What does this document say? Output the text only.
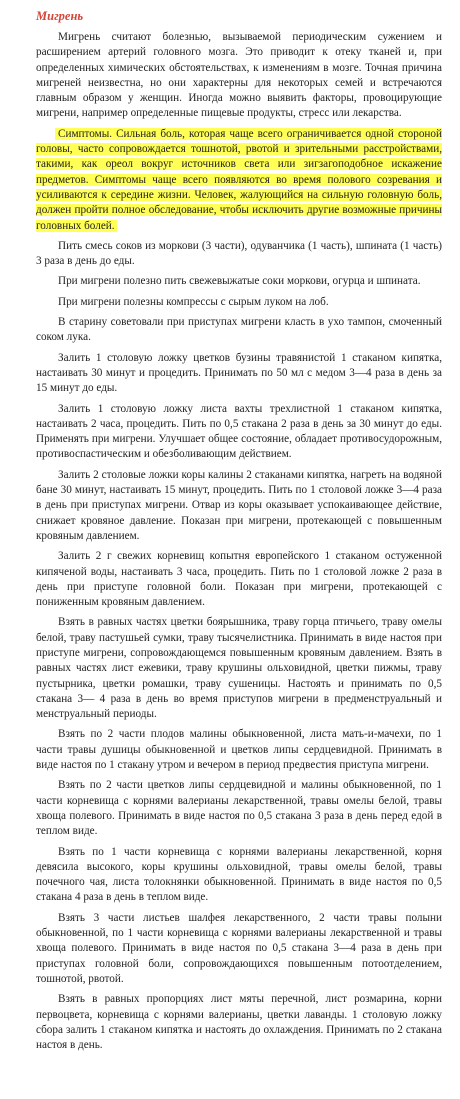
Мигрень

Мигрень считают болезнью, вызываемой периодическим сужением и расширением артерий головного мозга. Это приводит к отеку тканей и, при определенных химических обстоятельствах, к изменениям в мозге. Точная причина мигреней неизвестна, но они характерны для некоторых семей и встречаются главным образом у женщин. Иногда можно выявить факторы, провоцирующие мигрени, например определенные пищевые продукты, стресс или лекарства.

Симптомы. Сильная боль, которая чаще всего ограничивается одной стороной головы, часто сопровождается тошнотой, рвотой и зрительными расстройствами, такими, как ореол вокруг источников света или зигзагоподобное искажение предметов. Симптомы чаще всего появляются во время полового созревания и усиливаются к середине жизни. Человек, жалующийся на сильную головную боль, должен пройти полное обследование, чтобы исключить другие возможные причины головных болей.

Пить смесь соков из моркови (3 части), одуванчика (1 часть), шпината (1 часть) 3 раза в день до еды.

При мигрени полезно пить свежевыжатые соки моркови, огурца и шпината.

При мигрени полезны компрессы с сырым луком на лоб.

В старину советовали при приступах мигрени класть в ухо тампон, смоченный соком лука.

Залить 1 столовую ложку цветков бузины травянистой 1 стаканом кипятка, настаивать 30 минут и процедить. Принимать по 50 мл с медом 3—4 раза в день за 15 минут до еды.

Залить 1 столовую ложку листа вахты трехлистной 1 стаканом кипятка, настаивать 2 часа, процедить. Пить по 0,5 стакана 2 раза в день за 30 минут до еды. Применять при мигрени. Улучшает общее состояние, обладает противосудорожным, противоспастическим и обезболивающим действием.

Залить 2 столовые ложки коры калины 2 стаканами кипятка, нагреть на водяной бане 30 минут, настаивать 15 минут, процедить. Пить по 1 столовой ложке 3—4 раза в день при приступах мигрени. Отвар из коры оказывает успокаивающее действие, снижает кровяное давление. Показан при мигрени, протекающей с повышенным кровяным давлением.

Залить 2 г свежих корневищ копытня европейского 1 стаканом остуженной кипяченой воды, настаивать 3 часа, процедить. Пить по 1 столовой ложке 2 раза в день при приступе головной боли. Показан при мигрени, протекающей с пониженным кровяным давлением.

Взять в равных частях цветки боярышника, траву горца птичьего, траву омелы белой, траву пастушьей сумки, траву тысячелистника. Принимать в виде настоя при приступе мигрени, сопровождающемся повышенным кровяным давлением. Взять в равных частях лист ежевики, траву крушины ольховидной, цветки пижмы, траву пустырника, цветки ромашки, траву сушеницы. Настоять и принимать по 0,5 стакана 3— 4 раза в день во время приступов мигрени в предменструальный и менструальный периоды.

Взять по 2 части плодов малины обыкновенной, листа мать-и-мачехи, по 1 части травы душицы обыкновенной и цветков липы сердцевидной. Принимать в виде настоя по 1 стакану утром и вечером в период предвестия приступа мигрени.

Взять по 2 части цветков липы сердцевидной и малины обыкновенной, по 1 части корневища с корнями валерианы лекарственной, травы омелы белой, травы хвоща полевого. Принимать в виде настоя по 0,5 стакана 3 раза в день перед едой в теплом виде.

Взять по 1 части корневища с корнями валерианы лекарственной, корня девясила высокого, коры крушины ольховидной, травы омелы белой, травы почечного чая, листа толокнянки обыкновенной. Принимать в виде настоя по 0,5 стакана 4 раза в день в теплом виде.

Взять 3 части листьев шалфея лекарственного, 2 части травы полыни обыкновенной, по 1 части корневища с корнями валерианы лекарственной и травы хвоща полевого. Принимать в виде настоя по 0,5 стакана 3—4 раза в день при приступах головной боли, сопровождающихся повышенным потоотделением, тошнотой, рвотой.

Взять в равных пропорциях лист мяты перечной, лист розмарина, корни первоцвета, корневища с корнями валерианы, цветки лаванды. 1 столовую ложку сбора залить 1 стаканом кипятка и настоять до охлаждения. Принимать по 2 стакана настоя в день.
